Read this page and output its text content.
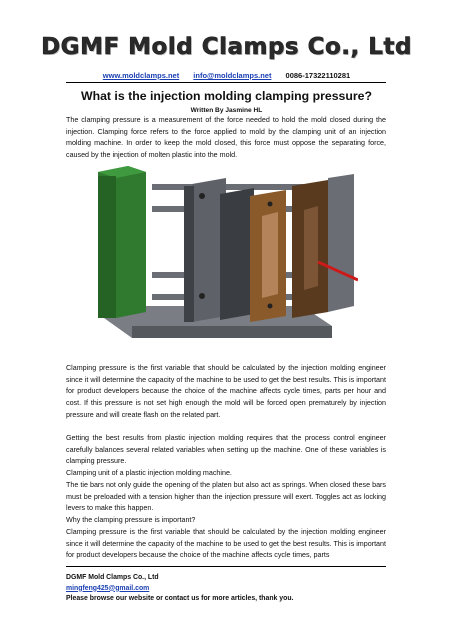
DGMF Mold Clamps Co., Ltd
www.moldclamps.net info@moldclamps.net 0086-17322110281
What is the injection molding clamping pressure?
Written By Jasmine HL
The clamping pressure is a measurement of the force needed to hold the mold closed during the injection. Clamping force refers to the force applied to mold by the clamping unit of an injection molding machine. In order to keep the mold closed, this force must oppose the separating force, caused by the injection of molten plastic into the mold.
Clamping pressure is the first variable that should be calculated by the injection molding engineer since it will determine the capacity of the machine to be used to get the best results. This is important for product developers because the choice of the machine affects cycle times, parts per hour and cost. If this pressure is not set high enough the mold will be forced open prematurely by injection pressure and will create flash on the related part.
Getting the best results from plastic injection molding requires that the process control engineer carefully balances several related variables when setting up the machine. One of these variables is clamping pressure.
Clamping unit of a plastic injection molding machine.
The tie bars not only guide the opening of the platen but also act as springs. When closed these bars must be preloaded with a tension higher than the injection pressure will exert. Toggles act as locking levers to make this happen.
Why the clamping pressure is important?
Clamping pressure is the first variable that should be calculated by the injection molding engineer since it will determine the capacity of the machine to be used to get the best results. This is important for product developers because the choice of the machine affects cycle times, parts
DGMF Mold Clamps Co., Ltd
mingfeng425@gmail.com
Please browse our website or contact us for more articles, thank you.
